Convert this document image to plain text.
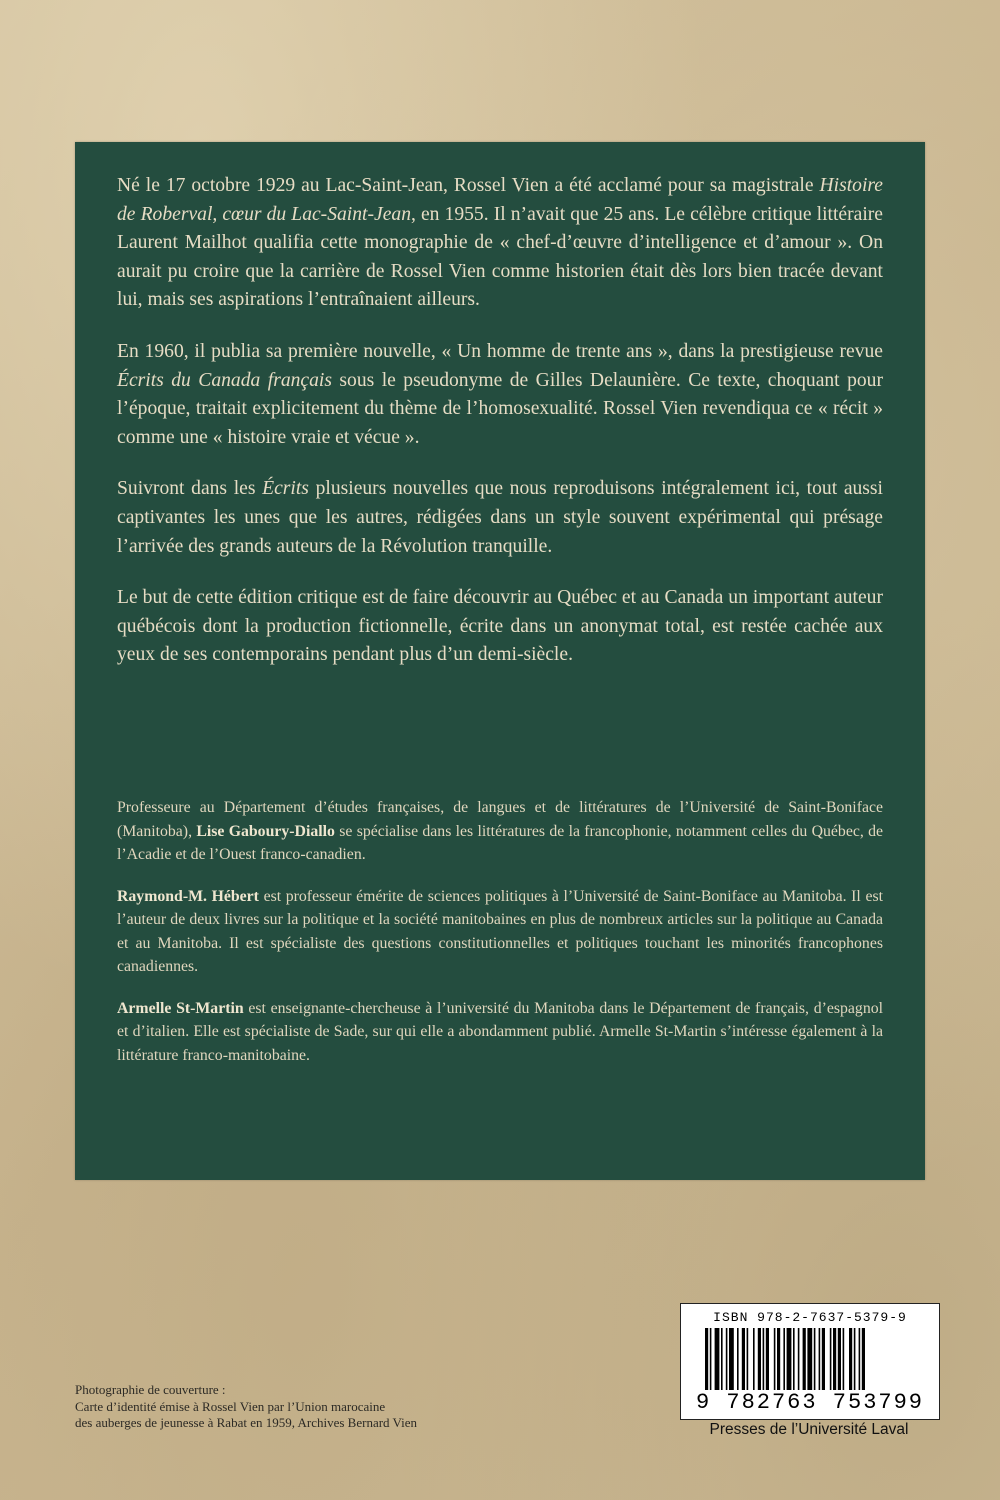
Né le 17 octobre 1929 au Lac-Saint-Jean, Rossel Vien a été acclamé pour sa magistrale Histoire de Roberval, cœur du Lac-Saint-Jean, en 1955. Il n’avait que 25 ans. Le célèbre critique littéraire Laurent Mailhot qualifia cette monographie de « chef-d’œuvre d’intelligence et d’amour ». On aurait pu croire que la carrière de Rossel Vien comme historien était dès lors bien tracée devant lui, mais ses aspirations l’entraînaient ailleurs.

En 1960, il publia sa première nouvelle, « Un homme de trente ans », dans la prestigieuse revue Écrits du Canada français sous le pseudonyme de Gilles Delaunière. Ce texte, choquant pour l’époque, traitait explicitement du thème de l’homosexualité. Rossel Vien revendiqua ce « récit » comme une « histoire vraie et vécue ».

Suivront dans les Écrits plusieurs nouvelles que nous reproduisons intégralement ici, tout aussi captivantes les unes que les autres, rédigées dans un style souvent expérimental qui présage l’arrivée des grands auteurs de la Révolution tranquille.

Le but de cette édition critique est de faire découvrir au Québec et au Canada un important auteur québécois dont la production fictionnelle, écrite dans un anonymat total, est restée cachée aux yeux de ses contemporains pendant plus d’un demi-siècle.

Professeure au Département d’études françaises, de langues et de littératures de l’Université de Saint-Boniface (Manitoba), Lise Gaboury-Diallo se spécialise dans les littératures de la francophonie, notamment celles du Québec, de l’Acadie et de l’Ouest franco-canadien.

Raymond-M. Hébert est professeur émérite de sciences politiques à l’Université de Saint-Boniface au Manitoba. Il est l’auteur de deux livres sur la politique et la société manitobaines en plus de nombreux articles sur la politique au Canada et au Manitoba. Il est spécialiste des questions constitutionnelles et politiques touchant les minorités francophones canadiennes.

Armelle St-Martin est enseignante-chercheuse à l’université du Manitoba dans le Département de français, d’espagnol et d’italien. Elle est spécialiste de Sade, sur qui elle a abondamment publié. Armelle St-Martin s’intéresse également à la littérature franco-manitobaine.

Photographie de couverture :
Carte d’identité émise à Rossel Vien par l’Union marocaine
des auberges de jeunesse à Rabat en 1959, Archives Bernard Vien
ISBN 978-2-7637-5379-9
9 782763 753799
Presses de l’Université Laval
